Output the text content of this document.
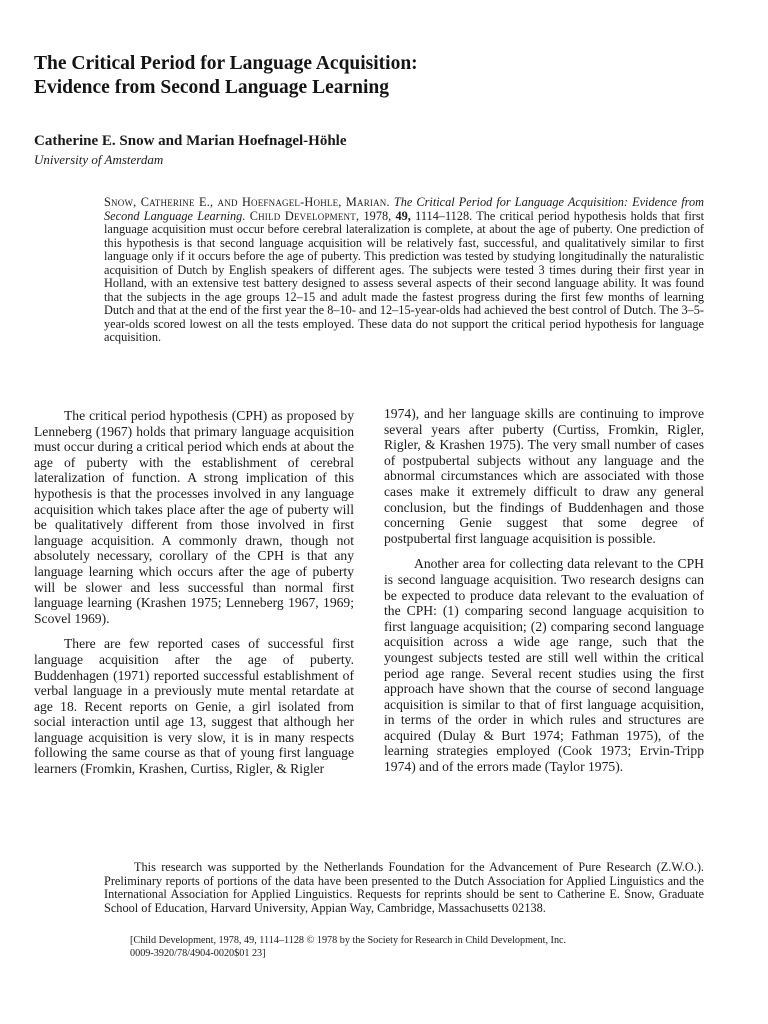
The Critical Period for Language Acquisition:
Evidence from Second Language Learning

Catherine E. Snow and Marian Hoefnagel-Höhle

University of Amsterdam

Snow, Catherine E., and Hoefnagel-Hohle, Marian. The Critical Period for Language Acquisition: Evidence from Second Language Learning. Child Development, 1978, 49, 1114–1128. The critical period hypothesis holds that first language acquisition must occur before cerebral lateralization is complete, at about the age of puberty. One prediction of this hypothesis is that second language acquisition will be relatively fast, successful, and qualitatively similar to first language only if it occurs before the age of puberty. This prediction was tested by studying longitudinally the naturalistic acquisition of Dutch by English speakers of different ages. The subjects were tested 3 times during their first year in Holland, with an extensive test battery designed to assess several aspects of their second language ability. It was found that the subjects in the age groups 12–15 and adult made the fastest progress during the first few months of learning Dutch and that at the end of the first year the 8–10- and 12–15-year-olds had achieved the best control of Dutch. The 3–5-year-olds scored lowest on all the tests employed. These data do not support the critical period hypothesis for language acquisition.

The critical period hypothesis (CPH) as proposed by Lenneberg (1967) holds that primary language acquisition must occur during a critical period which ends at about the age of puberty with the establishment of cerebral lateralization of function. A strong implication of this hypothesis is that the processes involved in any language acquisition which takes place after the age of puberty will be qualitatively different from those involved in first language acquisition. A commonly drawn, though not absolutely necessary, corollary of the CPH is that any language learning which occurs after the age of puberty will be slower and less successful than normal first language learning (Krashen 1975; Lenneberg 1967, 1969; Scovel 1969).

There are few reported cases of successful first language acquisition after the age of puberty. Buddenhagen (1971) reported successful establishment of verbal language in a previously mute mental retardate at age 18. Recent reports on Genie, a girl isolated from social interaction until age 13, suggest that although her language acquisition is very slow, it is in many respects following the same course as that of young first language learners (Fromkin, Krashen, Curtiss, Rigler, & Rigler

1974), and her language skills are continuing to improve several years after puberty (Curtiss, Fromkin, Rigler, Rigler, & Krashen 1975). The very small number of cases of postpubertal subjects without any language and the abnormal circumstances which are associated with those cases make it extremely difficult to draw any general conclusion, but the findings of Buddenhagen and those concerning Genie suggest that some degree of postpubertal first language acquisition is possible.

Another area for collecting data relevant to the CPH is second language acquisition. Two research designs can be expected to produce data relevant to the evaluation of the CPH: (1) comparing second language acquisition to first language acquisition; (2) comparing second language acquisition across a wide age range, such that the youngest subjects tested are still well within the critical period age range. Several recent studies using the first approach have shown that the course of second language acquisition is similar to that of first language acquisition, in terms of the order in which rules and structures are acquired (Dulay & Burt 1974; Fathman 1975), of the learning strategies employed (Cook 1973; Ervin-Tripp 1974) and of the errors made (Taylor 1975).

This research was supported by the Netherlands Foundation for the Advancement of Pure Research (Z.W.O.). Preliminary reports of portions of the data have been presented to the Dutch Association for Applied Linguistics and the International Association for Applied Linguistics. Requests for reprints should be sent to Catherine E. Snow, Graduate School of Education, Harvard University, Appian Way, Cambridge, Massachusetts 02138.

[Child Development, 1978, 49, 1114–1128 © 1978 by the Society for Research in Child Development, Inc.
0009-3920/78/4904-0020$01 23]
